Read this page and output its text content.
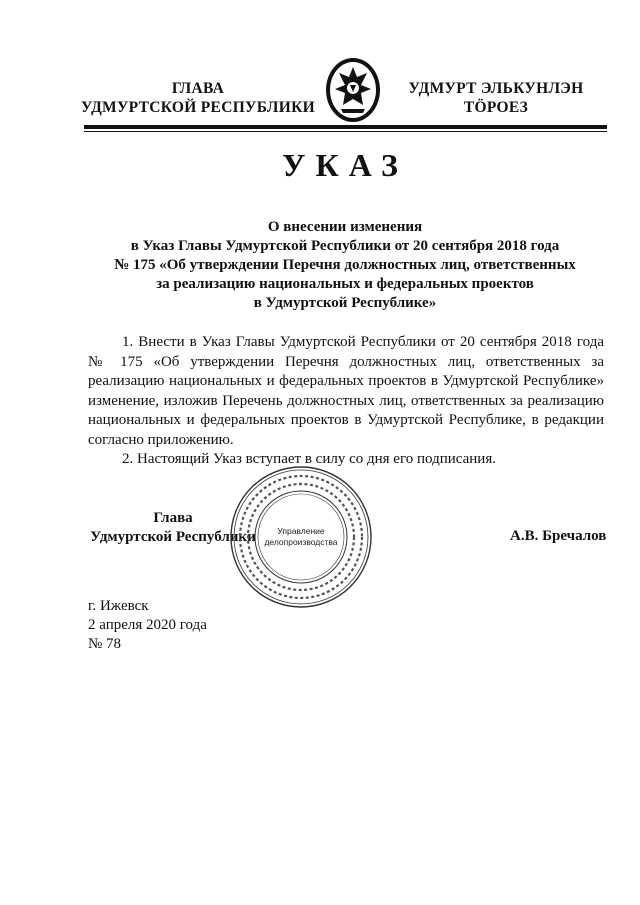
ГЛАВА
УДМУРТСКОЙ РЕСПУБЛИКИ
УДМУРТ ЭЛЬКУНЛЭН
ТÖРОЕЗ
УКАЗ
О внесении изменения
в Указ Главы Удмуртской Республики от 20 сентября 2018 года
№ 175 «Об утверждении Перечня должностных лиц, ответственных
за реализацию национальных и федеральных проектов
в Удмуртской Республике»

1. Внести в Указ Главы Удмуртской Республики от 20 сентября 2018 года № 175 «Об утверждении Перечня должностных лиц, ответственных за реализацию национальных и федеральных проектов в Удмуртской Республике» изменение, изложив Перечень должностных лиц, ответственных за реализацию национальных и федеральных проектов в Удмуртской Республике, в редакции согласно приложению.

2. Настоящий Указ вступает в силу со дня его подписания.

Глава
Удмуртской Республики	Управление
делопроизводства	А.В. Бречалов
г. Ижевск
2 апреля 2020 года
№ 78
